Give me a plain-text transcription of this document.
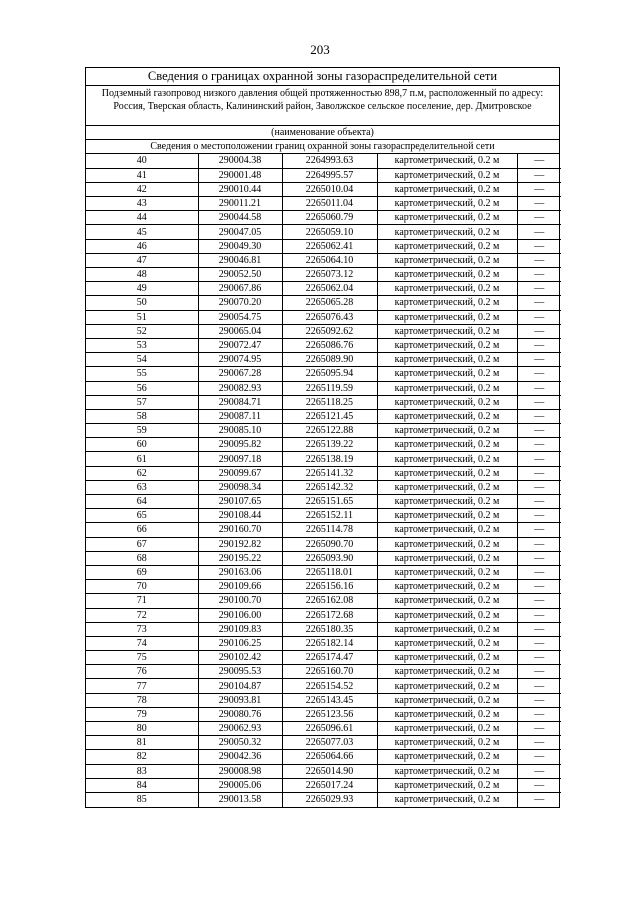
203
Сведения о границах охранной зоны газораспределительной сети
Подземный газопровод низкого давления общей протяженностью 898,7 п.м, расположенный по адресу:
Россия, Тверская область, Калининский район, Заволжское сельское поселение, дер. Дмитровское
(наименование объекта)
Сведения о местоположении границ охранной зоны газораспределительной сети
40	290004.38	2264993.63	картометрический, 0.2 м	—
41	290001.48	2264995.57	картометрический, 0.2 м	—
42	290010.44	2265010.04	картометрический, 0.2 м	—
43	290011.21	2265011.04	картометрический, 0.2 м	—
44	290044.58	2265060.79	картометрический, 0.2 м	—
45	290047.05	2265059.10	картометрический, 0.2 м	—
46	290049.30	2265062.41	картометрический, 0.2 м	—
47	290046.81	2265064.10	картометрический, 0.2 м	—
48	290052.50	2265073.12	картометрический, 0.2 м	—
49	290067.86	2265062.04	картометрический, 0.2 м	—
50	290070.20	2265065.28	картометрический, 0.2 м	—
51	290054.75	2265076.43	картометрический, 0.2 м	—
52	290065.04	2265092.62	картометрический, 0.2 м	—
53	290072.47	2265086.76	картометрический, 0.2 м	—
54	290074.95	2265089.90	картометрический, 0.2 м	—
55	290067.28	2265095.94	картометрический, 0.2 м	—
56	290082.93	2265119.59	картометрический, 0.2 м	—
57	290084.71	2265118.25	картометрический, 0.2 м	—
58	290087.11	2265121.45	картометрический, 0.2 м	—
59	290085.10	2265122.88	картометрический, 0.2 м	—
60	290095.82	2265139.22	картометрический, 0.2 м	—
61	290097.18	2265138.19	картометрический, 0.2 м	—
62	290099.67	2265141.32	картометрический, 0.2 м	—
63	290098.34	2265142.32	картометрический, 0.2 м	—
64	290107.65	2265151.65	картометрический, 0.2 м	—
65	290108.44	2265152.11	картометрический, 0.2 м	—
66	290160.70	2265114.78	картометрический, 0.2 м	—
67	290192.82	2265090.70	картометрический, 0.2 м	—
68	290195.22	2265093.90	картометрический, 0.2 м	—
69	290163.06	2265118.01	картометрический, 0.2 м	—
70	290109.66	2265156.16	картометрический, 0.2 м	—
71	290100.70	2265162.08	картометрический, 0.2 м	—
72	290106.00	2265172.68	картометрический, 0.2 м	—
73	290109.83	2265180.35	картометрический, 0.2 м	—
74	290106.25	2265182.14	картометрический, 0.2 м	—
75	290102.42	2265174.47	картометрический, 0.2 м	—
76	290095.53	2265160.70	картометрический, 0.2 м	—
77	290104.87	2265154.52	картометрический, 0.2 м	—
78	290093.81	2265143.45	картометрический, 0.2 м	—
79	290080.76	2265123.56	картометрический, 0.2 м	—
80	290062.93	2265096.61	картометрический, 0.2 м	—
81	290050.32	2265077.03	картометрический, 0.2 м	—
82	290042.36	2265064.66	картометрический, 0.2 м	—
83	290008.98	2265014.90	картометрический, 0.2 м	—
84	290005.06	2265017.24	картометрический, 0.2 м	—
85	290013.58	2265029.93	картометрический, 0.2 м	—
